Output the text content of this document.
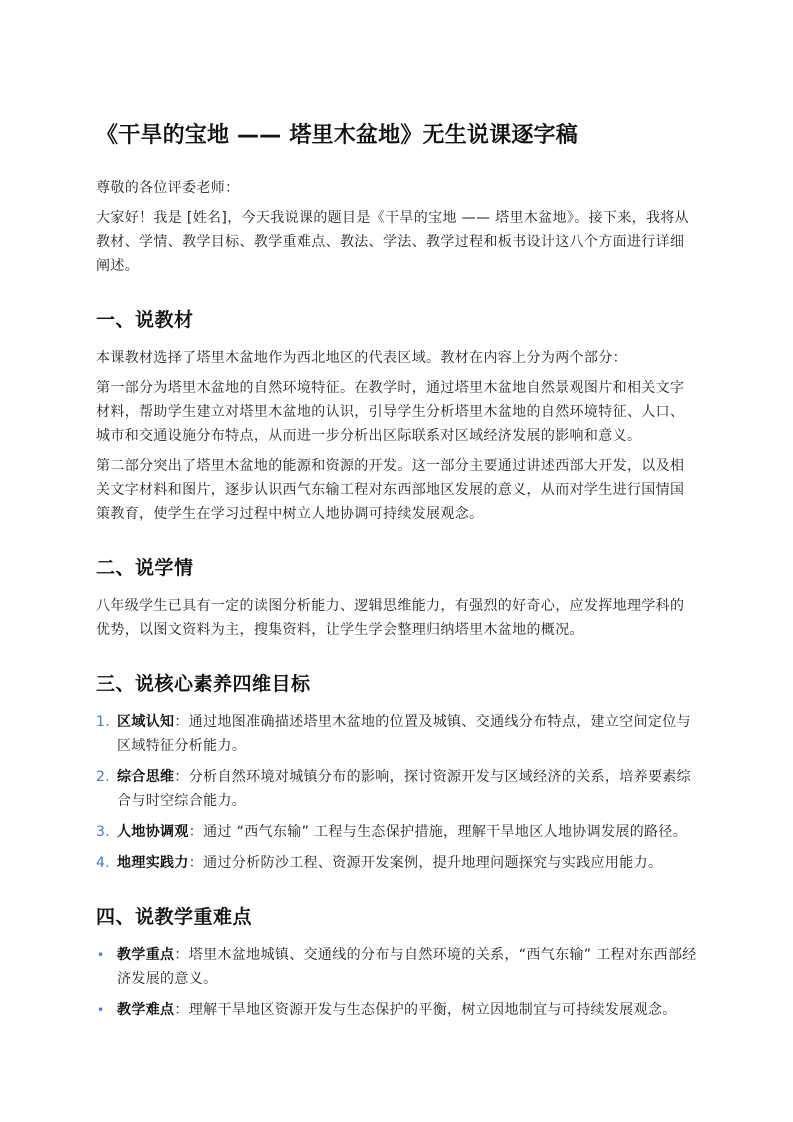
《干旱的宝地 —— 塔里木盆地》无生说课逐字稿

尊敬的各位评委老师：

大家好！我是 [姓名]，今天我说课的题目是《干旱的宝地 —— 塔里木盆地》。接下来，我将从教材、学情、教学目标、教学重难点、教法、学法、教学过程和板书设计这八个方面进行详细阐述。

一、说教材

本课教材选择了塔里木盆地作为西北地区的代表区域。教材在内容上分为两个部分：

第一部分为塔里木盆地的自然环境特征。在教学时，通过塔里木盆地自然景观图片和相关文字材料，帮助学生建立对塔里木盆地的认识，引导学生分析塔里木盆地的自然环境特征、人口、城市和交通设施分布特点，从而进一步分析出区际联系对区域经济发展的影响和意义。

第二部分突出了塔里木盆地的能源和资源的开发。这一部分主要通过讲述西部大开发，以及相关文字材料和图片，逐步认识西气东输工程对东西部地区发展的意义，从而对学生进行国情国策教育，使学生在学习过程中树立人地协调可持续发展观念。

二、说学情

八年级学生已具有一定的读图分析能力、逻辑思维能力，有强烈的好奇心，应发挥地理学科的优势，以图文资料为主，搜集资料，让学生学会整理归纳塔里木盆地的概况。

三、说核心素养四维目标
1. 区域认知：通过地图准确描述塔里木盆地的位置及城镇、交通线分布特点，建立空间定位与区域特征分析能力。
2. 综合思维：分析自然环境对城镇分布的影响，探讨资源开发与区域经济的关系，培养要素综合与时空综合能力。
3. 人地协调观：通过 “西气东输” 工程与生态保护措施，理解干旱地区人地协调发展的路径。
4. 地理实践力：通过分析防沙工程、资源开发案例，提升地理问题探究与实践应用能力。
四、说教学重难点
• 教学重点：塔里木盆地城镇、交通线的分布与自然环境的关系，“西气东输” 工程对东西部经济发展的意义。
• 教学难点：理解干旱地区资源开发与生态保护的平衡，树立因地制宜与可持续发展观念。
